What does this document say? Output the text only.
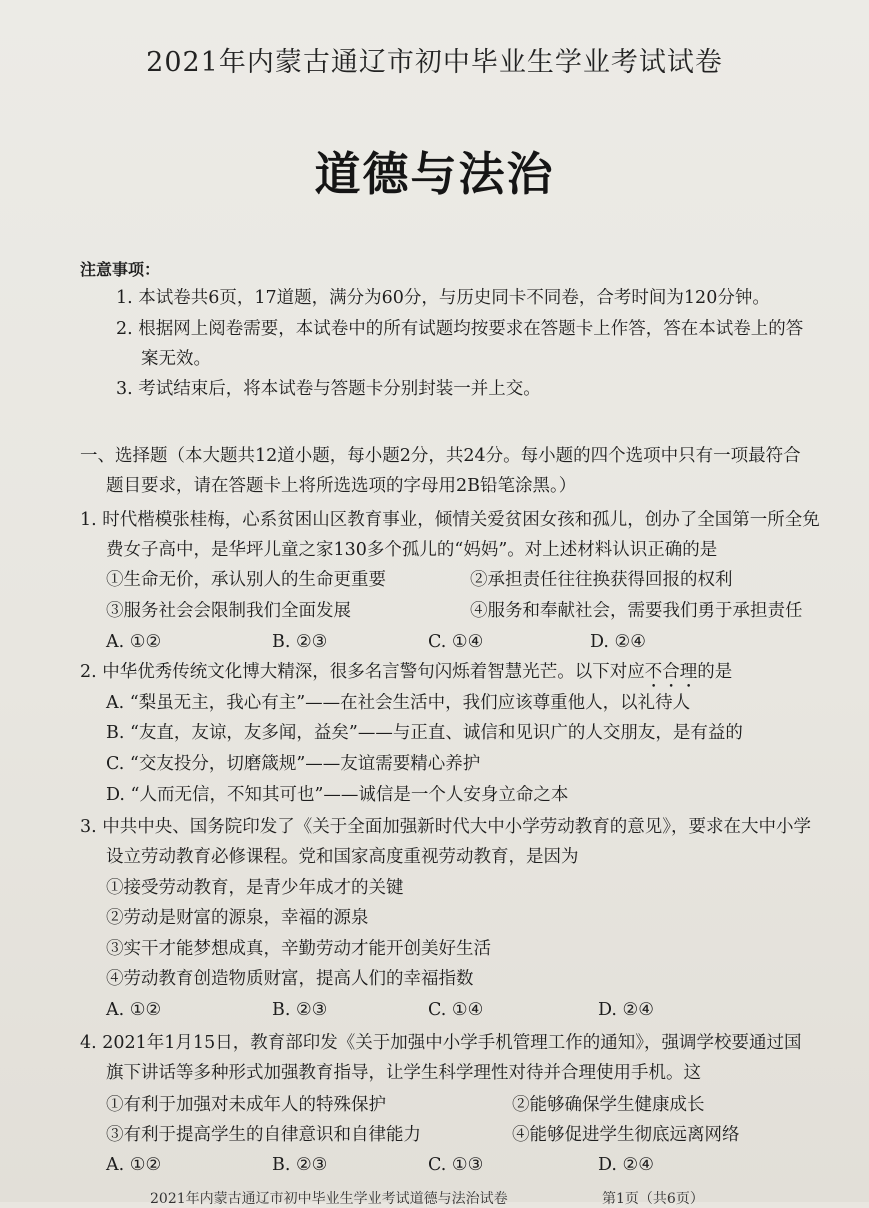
2021年内蒙古通辽市初中毕业生学业考试试卷
道德与法治
注意事项：
1. 本试卷共6页，17道题，满分为60分，与历史同卡不同卷，合考时间为120分钟。
2. 根据网上阅卷需要，本试卷中的所有试题均按要求在答题卡上作答，答在本试卷上的答
案无效。
3. 考试结束后，将本试卷与答题卡分别封装一并上交。
一、选择题（本大题共12道小题，每小题2分，共24分。每小题的四个选项中只有一项最符合
题目要求，请在答题卡上将所选选项的字母用2B铅笔涂黑。）
1. 时代楷模张桂梅，心系贫困山区教育事业，倾情关爱贫困女孩和孤儿，创办了全国第一所全免
费女子高中，是华坪儿童之家130多个孤儿的“妈妈”。对上述材料认识正确的是
①生命无价，承认别人的生命更重要	②承担责任往往换获得回报的权利
③服务社会会限制我们全面发展	④服务和奉献社会，需要我们勇于承担责任
A. ①②	B. ②③	C. ①④	D. ②④
2. 中华优秀传统文化博大精深，很多名言警句闪烁着智慧光芒。以下对应不合理的是
A. “梨虽无主，我心有主”——在社会生活中，我们应该尊重他人，以礼待人
B. “友直，友谅，友多闻，益矣”——与正直、诚信和见识广的人交朋友，是有益的
C. “交友投分，切磨箴规”——友谊需要精心养护
D. “人而无信，不知其可也”——诚信是一个人安身立命之本
3. 中共中央、国务院印发了《关于全面加强新时代大中小学劳动教育的意见》，要求在大中小学
设立劳动教育必修课程。党和国家高度重视劳动教育，是因为
①接受劳动教育，是青少年成才的关键
②劳动是财富的源泉，幸福的源泉
③实干才能梦想成真，辛勤劳动才能开创美好生活
④劳动教育创造物质财富，提高人们的幸福指数
A. ①②	B. ②③	C. ①④	D. ②④
4. 2021年1月15日，教育部印发《关于加强中小学手机管理工作的通知》，强调学校要通过国
旗下讲话等多种形式加强教育指导，让学生科学理性对待并合理使用手机。这
①有利于加强对未成年人的特殊保护	②能够确保学生健康成长
③有利于提高学生的自律意识和自律能力	④能够促进学生彻底远离网络
A. ①②	B. ②③	C. ①③	D. ②④
2021年内蒙古通辽市初中毕业生学业考试道德与法治试卷	第1页（共6页）
